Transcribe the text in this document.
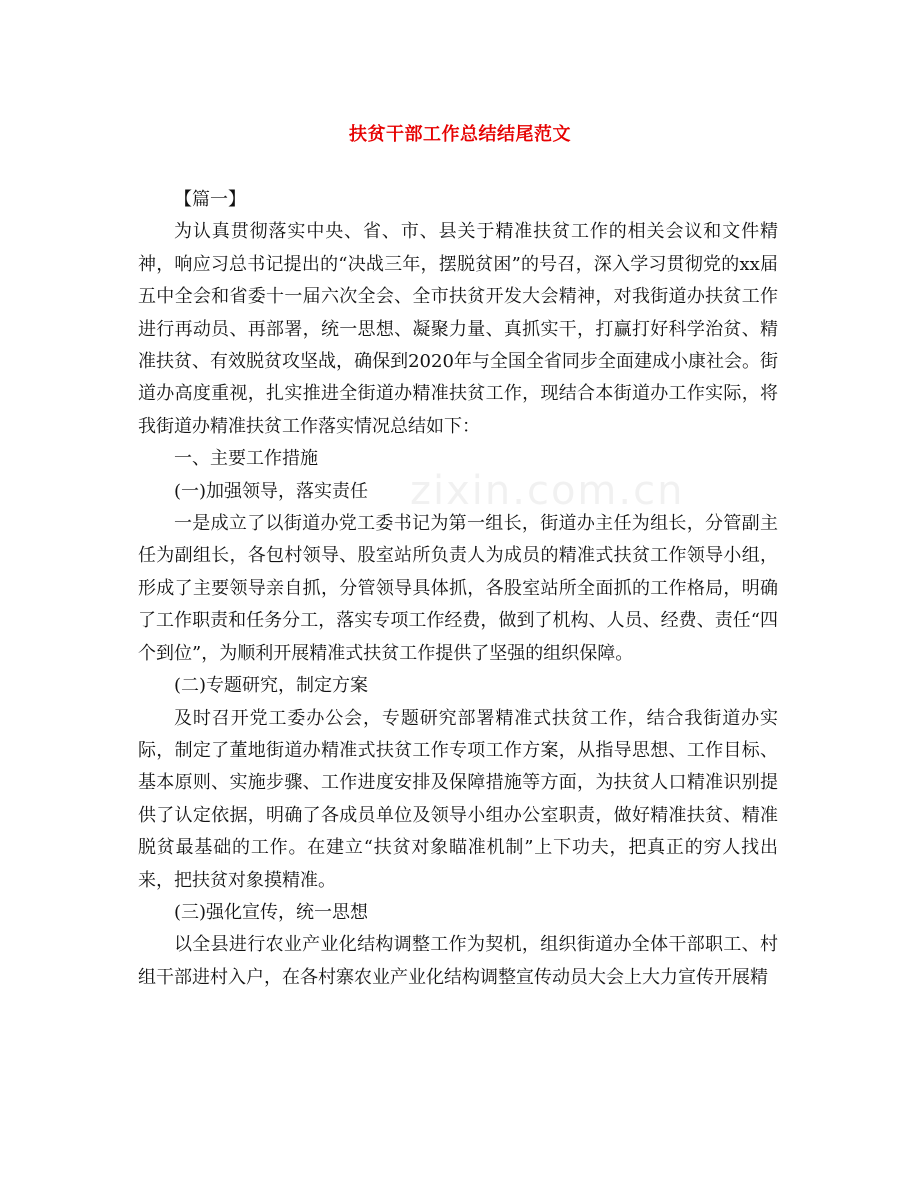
扶贫干部工作总结结尾范文
zixin.com.cn

【篇一】

为认真贯彻落实中央、省、市、县关于精准扶贫工作的相关会议和文件精神，响应习总书记提出的“决战三年，摆脱贫困”的号召，深入学习贯彻党的xx届五中全会和省委十一届六次全会、全市扶贫开发大会精神，对我街道办扶贫工作进行再动员、再部署，统一思想、凝聚力量、真抓实干，打赢打好科学治贫、精准扶贫、有效脱贫攻坚战，确保到2020年与全国全省同步全面建成小康社会。街道办高度重视，扎实推进全街道办精准扶贫工作，现结合本街道办工作实际，将我街道办精准扶贫工作落实情况总结如下：

一、主要工作措施

(一)加强领导，落实责任

一是成立了以街道办党工委书记为第一组长，街道办主任为组长，分管副主任为副组长，各包村领导、股室站所负责人为成员的精准式扶贫工作领导小组，形成了主要领导亲自抓，分管领导具体抓，各股室站所全面抓的工作格局，明确了工作职责和任务分工，落实专项工作经费，做到了机构、人员、经费、责任“四个到位”，为顺利开展精准式扶贫工作提供了坚强的组织保障。

(二)专题研究，制定方案

及时召开党工委办公会，专题研究部署精准式扶贫工作，结合我街道办实际，制定了董地街道办精准式扶贫工作专项工作方案，从指导思想、工作目标、基本原则、实施步骤、工作进度安排及保障措施等方面，为扶贫人口精准识别提供了认定依据，明确了各成员单位及领导小组办公室职责，做好精准扶贫、精准脱贫最基础的工作。在建立“扶贫对象瞄准机制”上下功夫，把真正的穷人找出来，把扶贫对象摸精准。

(三)强化宣传，统一思想

以全县进行农业产业化结构调整工作为契机，组织街道办全体干部职工、村组干部进村入户，在各村寨农业产业化结构调整宣传动员大会上大力宣传开展精
